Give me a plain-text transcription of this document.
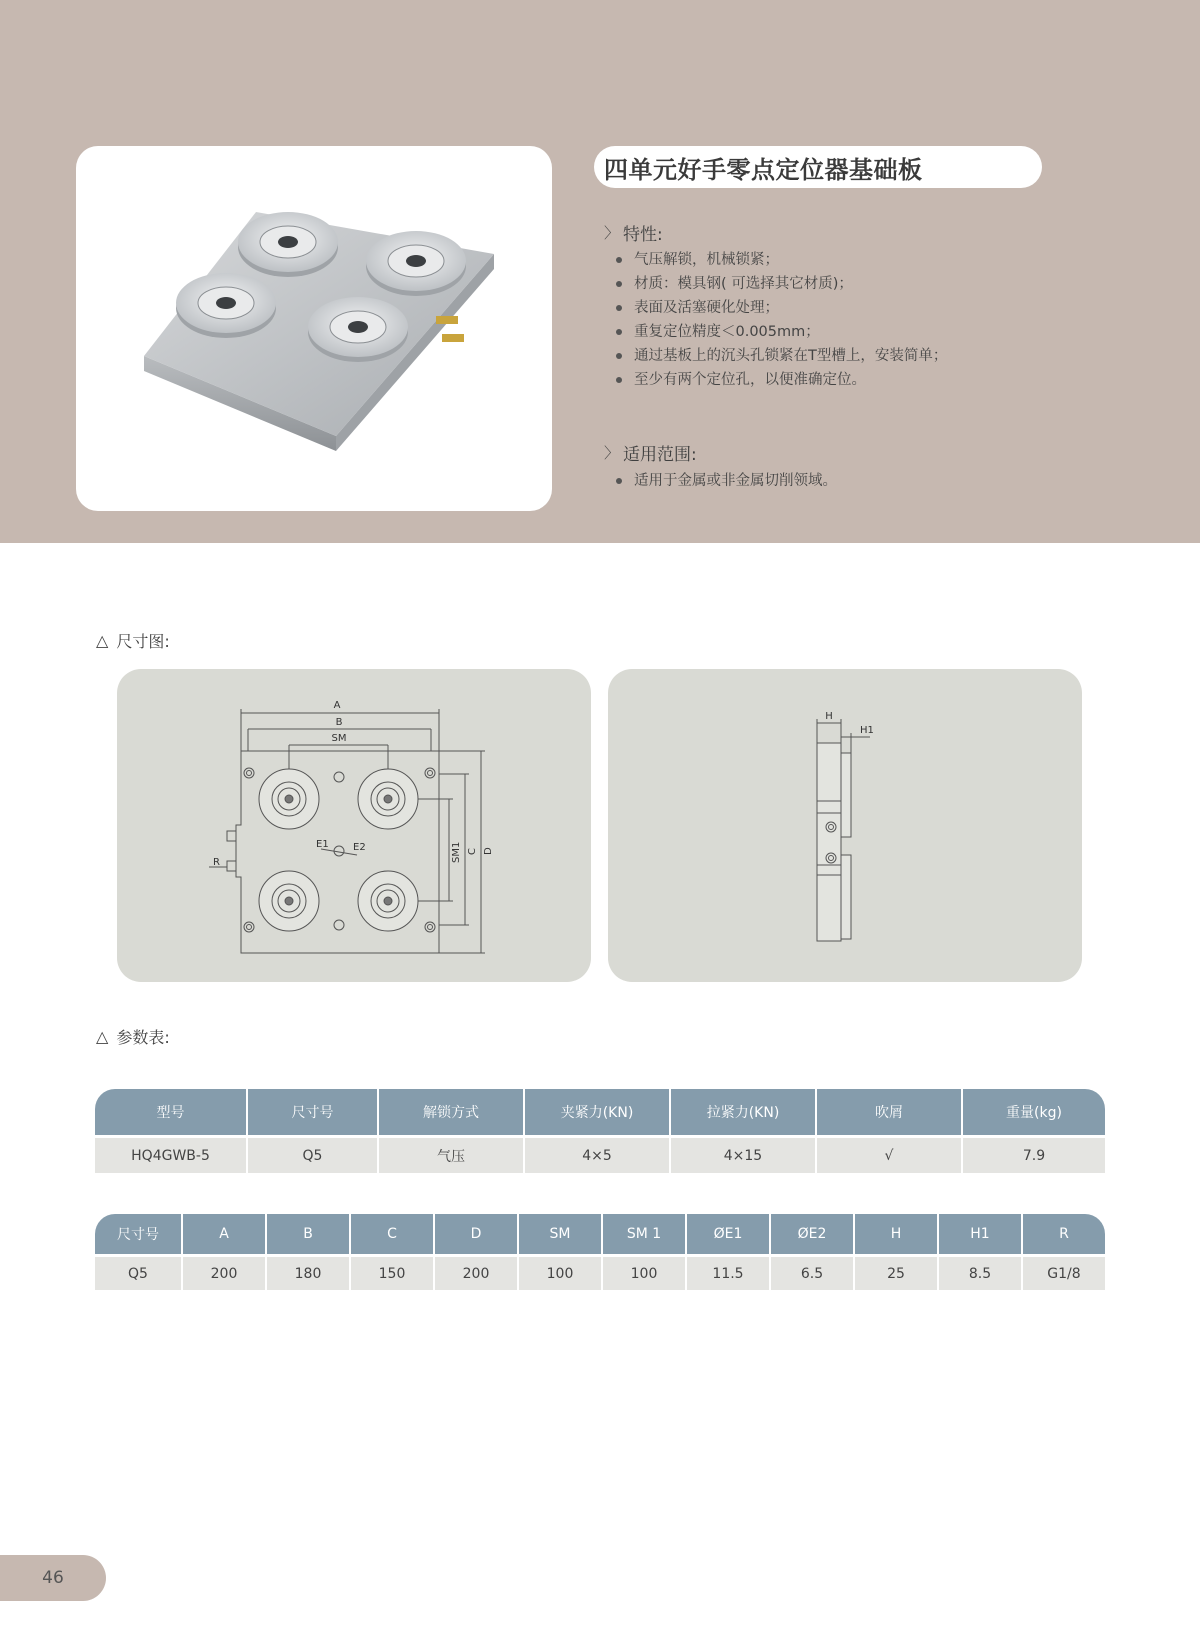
四单元好手零点定位器基础板
〉 特性:
气压解锁，机械锁紧；
材质：模具钢( 可选择其它材质)；
表面及活塞硬化处理；
重复定位精度＜0.005mm；
通过基板上的沉头孔锁紧在T型槽上，安装简单；
至少有两个定位孔，以便准确定位。
〉 适用范围:
适用于金属或非金属切削领域。
△ 尺寸图:
A
B
SM
E1 E2
R	SM1 C D
H
H1
△ 参数表:
型号	尺寸号	解锁方式	夹紧力(KN)	拉紧力(KN)	吹屑	重量(kg)
HQ4GWB-5	Q5	气压	4×5	4×15	√	7.9
尺寸号	A	B	C	D	SM	SM 1	ØE1	ØE2	H	H1	R
Q5	200	180	150	200	100	100	11.5	6.5	25	8.5	G1/8
46
